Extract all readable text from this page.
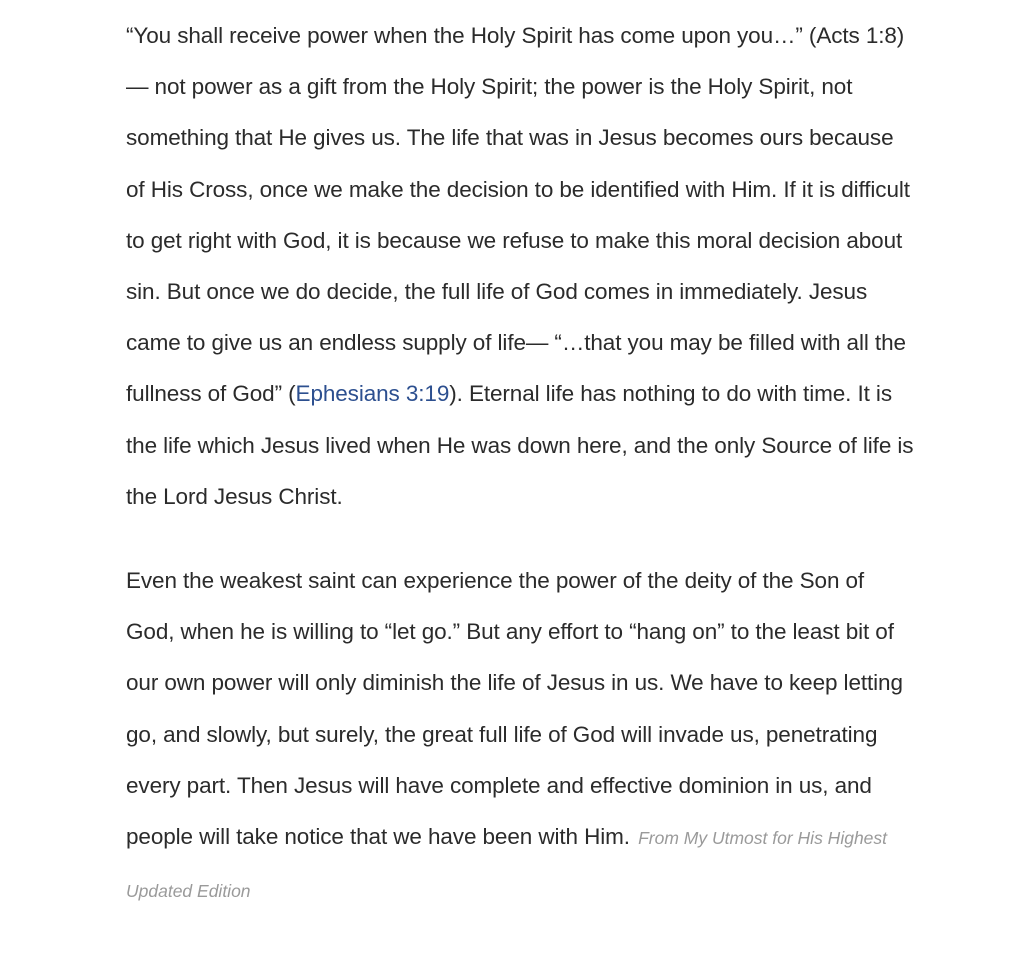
“You shall receive power when the Holy Spirit has come upon you…” (Acts 1:8)— not power as a gift from the Holy Spirit; the power is the Holy Spirit, not something that He gives us. The life that was in Jesus becomes ours because of His Cross, once we make the decision to be identified with Him. If it is difficult to get right with God, it is because we refuse to make this moral decision about sin. But once we do decide, the full life of God comes in immediately. Jesus came to give us an endless supply of life— “…that you may be filled with all the fullness of God” (Ephesians 3:19). Eternal life has nothing to do with time. It is the life which Jesus lived when He was down here, and the only Source of life is the Lord Jesus Christ.

Even the weakest saint can experience the power of the deity of the Son of God, when he is willing to “let go.” But any effort to “hang on” to the least bit of our own power will only diminish the life of Jesus in us. We have to keep letting go, and slowly, but surely, the great full life of God will invade us, penetrating every part. Then Jesus will have complete and effective dominion in us, and people will take notice that we have been with Him. From My Utmost for His Highest Updated Edition
